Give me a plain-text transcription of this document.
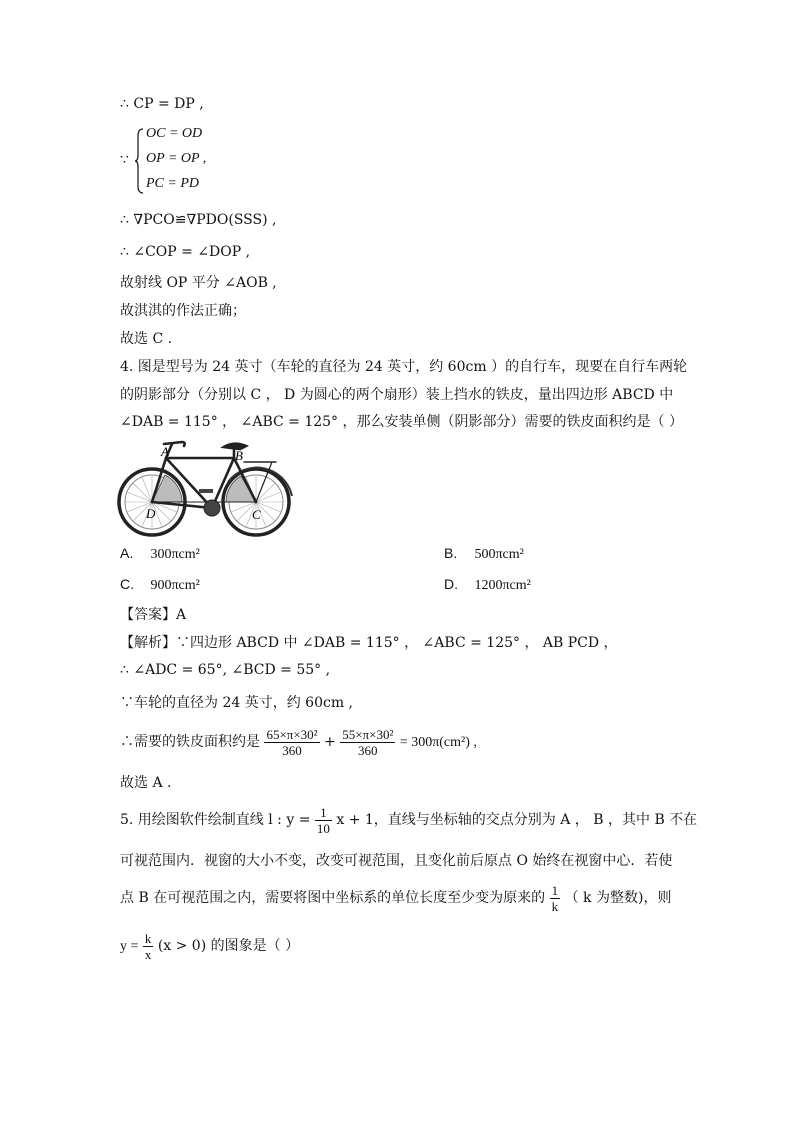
∴ CP = DP ,
∵
OC = OD
OP = OP ,
PC = PD
∴ ∇PCO≌∇PDO(SSS) ,
∴ ∠COP = ∠DOP ,
故射线 OP 平分 ∠AOB ,
故淇淇的作法正确；
故选 C .
4. 图是型号为 24 英寸（车轮的直径为 24 英寸，约 60cm ）的自行车，现要在自行车两轮
的阴影部分（分别以 C ， D 为圆心的两个扇形）装上挡水的铁皮，量出四边形 ABCD 中
∠DAB = 115° ， ∠ABC = 125° ，那么安装单侧（阴影部分）需要的铁皮面积约是（ ）
A	B
D	C
A. 300πcm²	B. 500πcm²
C. 900πcm²	D. 1200πcm²
【答案】A
【解析】∵四边形 ABCD 中 ∠DAB = 115° ， ∠ABC = 125° ， AB PCD ，
∴ ∠ADC = 65°, ∠BCD = 55° ,
∵车轮的直径为 24 英寸，约 60cm ,
∴需要的铁皮面积约是 $\frac{\text{65×π×30²}}{360} + \frac{\text{55×π×30²}}{360} = 300\pi(cm^2)$ ,
故选 A .
5. 用绘图软件绘制直线 l : $y = \frac{1}{10}$ x + 1，直线与坐标轴的交点分别为 A ， B ，其中 B 不在
可视范围内．视窗的大小不变，改变可视范围，且变化前后原点 O 始终在视窗中心．若使
点 B 在可视范围之内，需要将图中坐标系的单位长度至少变为原来的 $\frac{1}{k}$ （ k 为整数)，则
$y = \frac{k}{x} (x > 0)$ 的图象是（ ）
